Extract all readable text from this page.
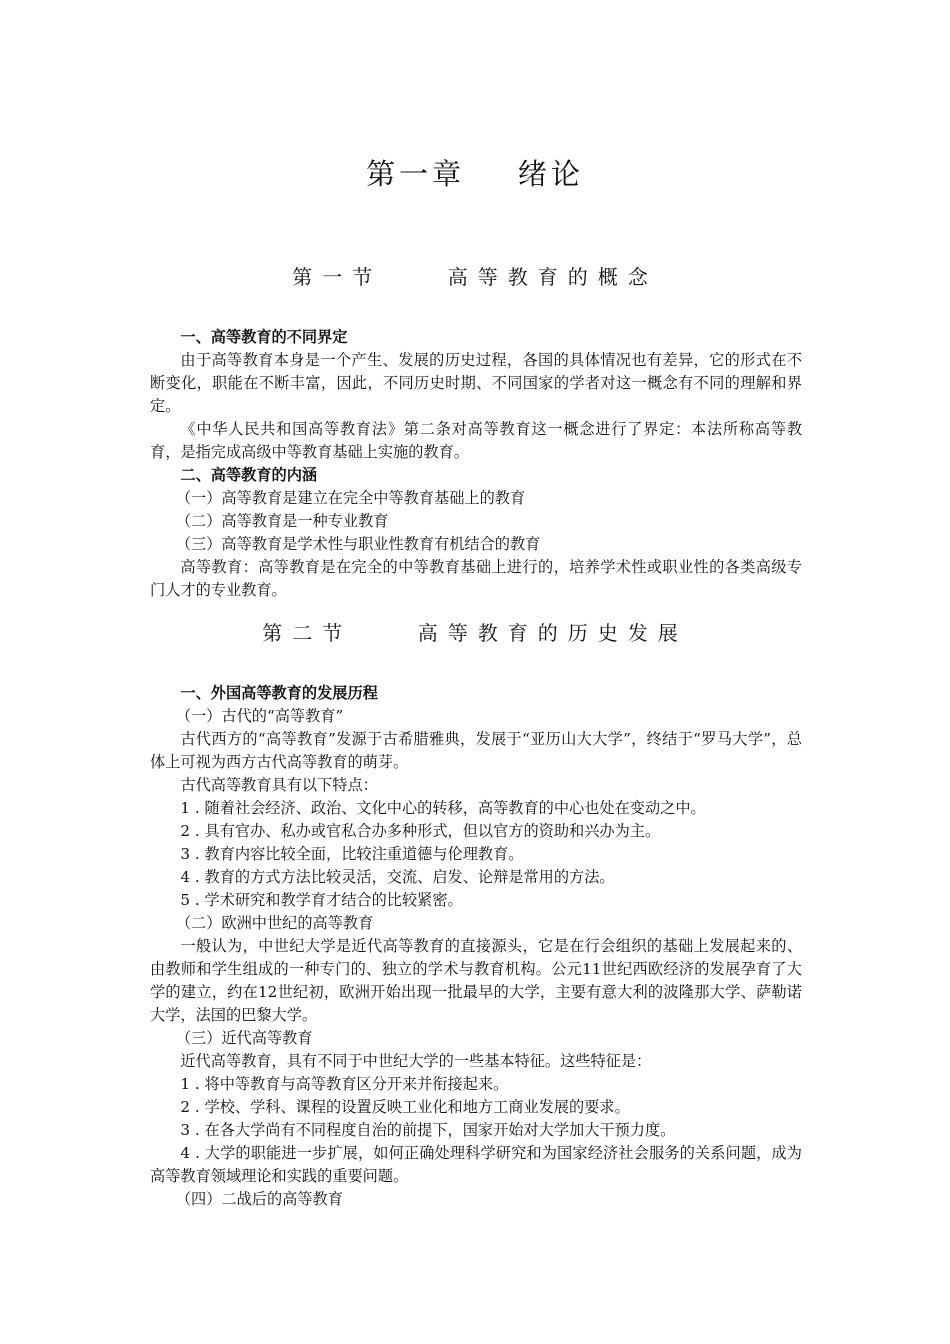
第一章    绪论
第一节    高等教育的概念

一、高等教育的不同界定

由于高等教育本身是一个产生、发展的历史过程，各国的具体情况也有差异，它的形式在不断变化，职能在不断丰富，因此，不同历史时期、不同国家的学者对这一概念有不同的理解和界定。

《中华人民共和国高等教育法》第二条对高等教育这一概念进行了界定：本法所称高等教育，是指完成高级中等教育基础上实施的教育。

二、高等教育的内涵

（一）高等教育是建立在完全中等教育基础上的教育

（二）高等教育是一种专业教育

（三）高等教育是学术性与职业性教育有机结合的教育

高等教育：高等教育是在完全的中等教育基础上进行的，培养学术性或职业性的各类高级专门人才的专业教育。

第二节    高等教育的历史发展

一、外国高等教育的发展历程

（一）古代的“高等教育”

古代西方的“高等教育”发源于古希腊雅典，发展于“亚历山大大学”，终结于“罗马大学”，总体上可视为西方古代高等教育的萌芽。

古代高等教育具有以下特点：

1 . 随着社会经济、政治、文化中心的转移，高等教育的中心也处在变动之中。

2 . 具有官办、私办或官私合办多种形式，但以官方的资助和兴办为主。

3 . 教育内容比较全面，比较注重道德与伦理教育。

4 . 教育的方式方法比较灵活，交流、启发、论辩是常用的方法。

5 . 学术研究和教学育才结合的比较紧密。

（二）欧洲中世纪的高等教育

一般认为，中世纪大学是近代高等教育的直接源头，它是在行会组织的基础上发展起来的、由教师和学生组成的一种专门的、独立的学术与教育机构。公元11世纪西欧经济的发展孕育了大学的建立，约在12世纪初，欧洲开始出现一批最早的大学，主要有意大利的波隆那大学、萨勒诺大学，法国的巴黎大学。

（三）近代高等教育

近代高等教育，具有不同于中世纪大学的一些基本特征。这些特征是：

1 . 将中等教育与高等教育区分开来并衔接起来。

2 . 学校、学科、课程的设置反映工业化和地方工商业发展的要求。

3 . 在各大学尚有不同程度自治的前提下，国家开始对大学加大干预力度。

4 . 大学的职能进一步扩展，如何正确处理科学研究和为国家经济社会服务的关系问题，成为高等教育领域理论和实践的重要问题。

（四）二战后的高等教育
